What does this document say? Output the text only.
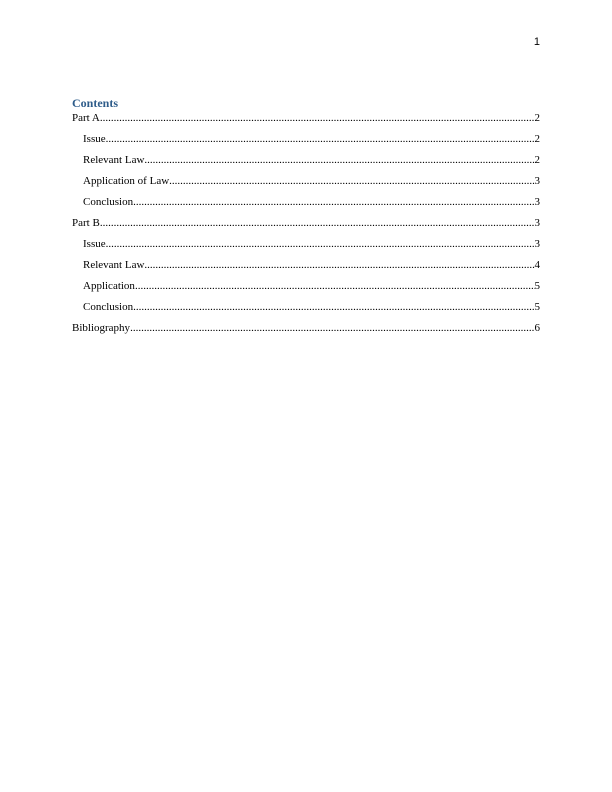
1
Contents
Part A .....	2
Issue .....	2
Relevant Law .....	2
Application of Law .....	3
Conclusion .....	3
Part B .....	3
Issue .....	3
Relevant Law .....	4
Application .....	5
Conclusion .....	5
Bibliography .....	6
